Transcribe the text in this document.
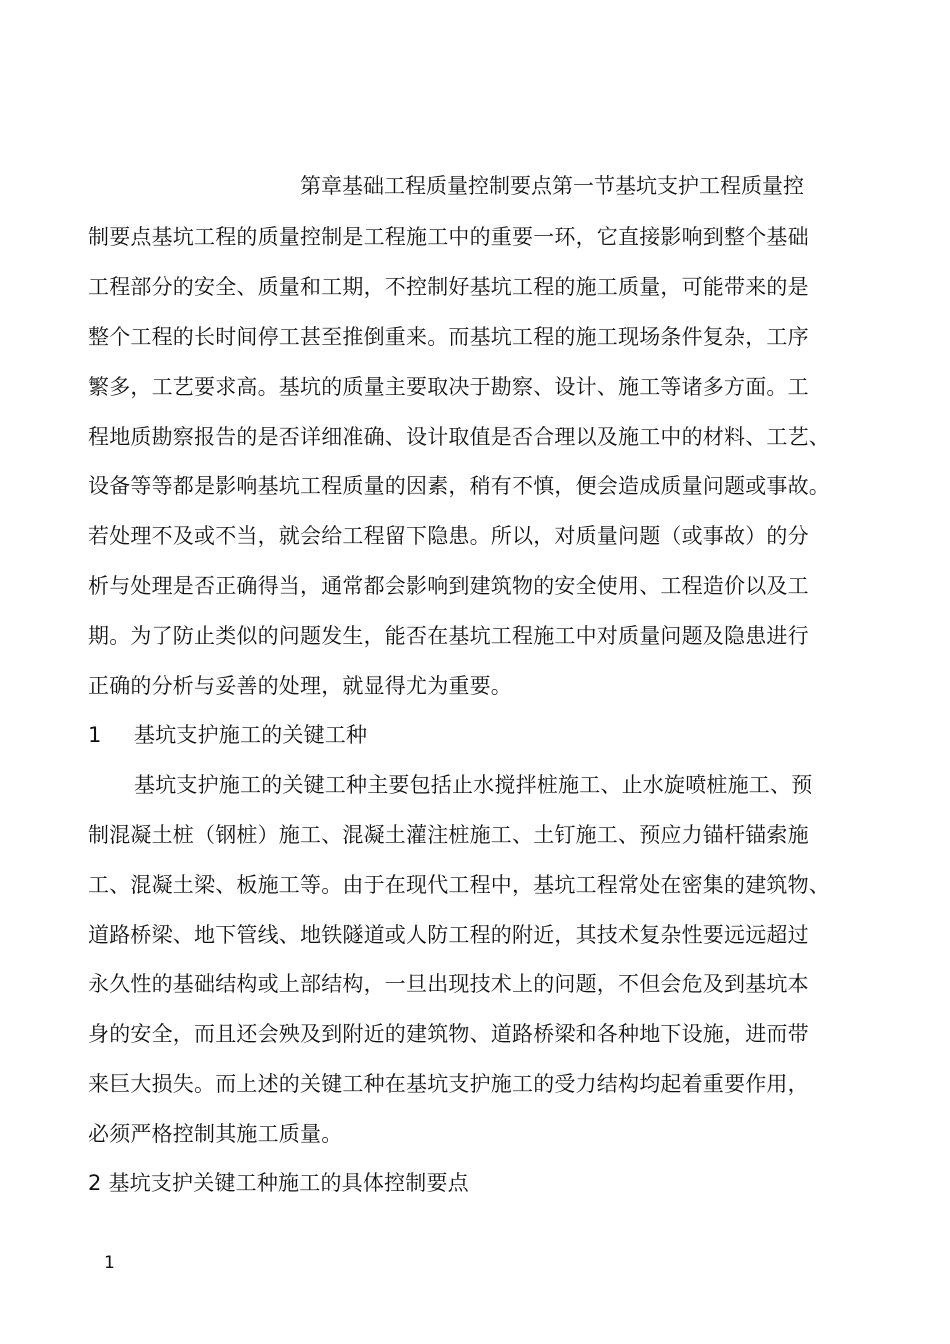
第章基础工程质量控制要点第一节基坑支护工程质量控
制要点基坑工程的质量控制是工程施工中的重要一环，它直接影响到整个基础
工程部分的安全、质量和工期，不控制好基坑工程的施工质量，可能带来的是
整个工程的长时间停工甚至推倒重来。而基坑工程的施工现场条件复杂，工序
繁多，工艺要求高。基坑的质量主要取决于勘察、设计、施工等诸多方面。工
程地质勘察报告的是否详细准确、设计取值是否合理以及施工中的材料、工艺、
设备等等都是影响基坑工程质量的因素，稍有不慎，便会造成质量问题或事故。
若处理不及或不当，就会给工程留下隐患。所以，对质量问题（或事故）的分
析与处理是否正确得当，通常都会影响到建筑物的安全使用、工程造价以及工
期。为了防止类似的问题发生，能否在基坑工程施工中对质量问题及隐患进行
正确的分析与妥善的处理，就显得尤为重要。
1 基坑支护施工的关键工种
基坑支护施工的关键工种主要包括止水搅拌桩施工、止水旋喷桩施工、预
制混凝土桩（钢桩）施工、混凝土灌注桩施工、土钉施工、预应力锚杆锚索施
工、混凝土梁、板施工等。由于在现代工程中，基坑工程常处在密集的建筑物、
道路桥梁、地下管线、地铁隧道或人防工程的附近，其技术复杂性要远远超过
永久性的基础结构或上部结构，一旦出现技术上的问题，不但会危及到基坑本
身的安全，而且还会殃及到附近的建筑物、道路桥梁和各种地下设施，进而带
来巨大损失。而上述的关键工种在基坑支护施工的受力结构均起着重要作用，
必须严格控制其施工质量。
2 基坑支护关键工种施工的具体控制要点
1
